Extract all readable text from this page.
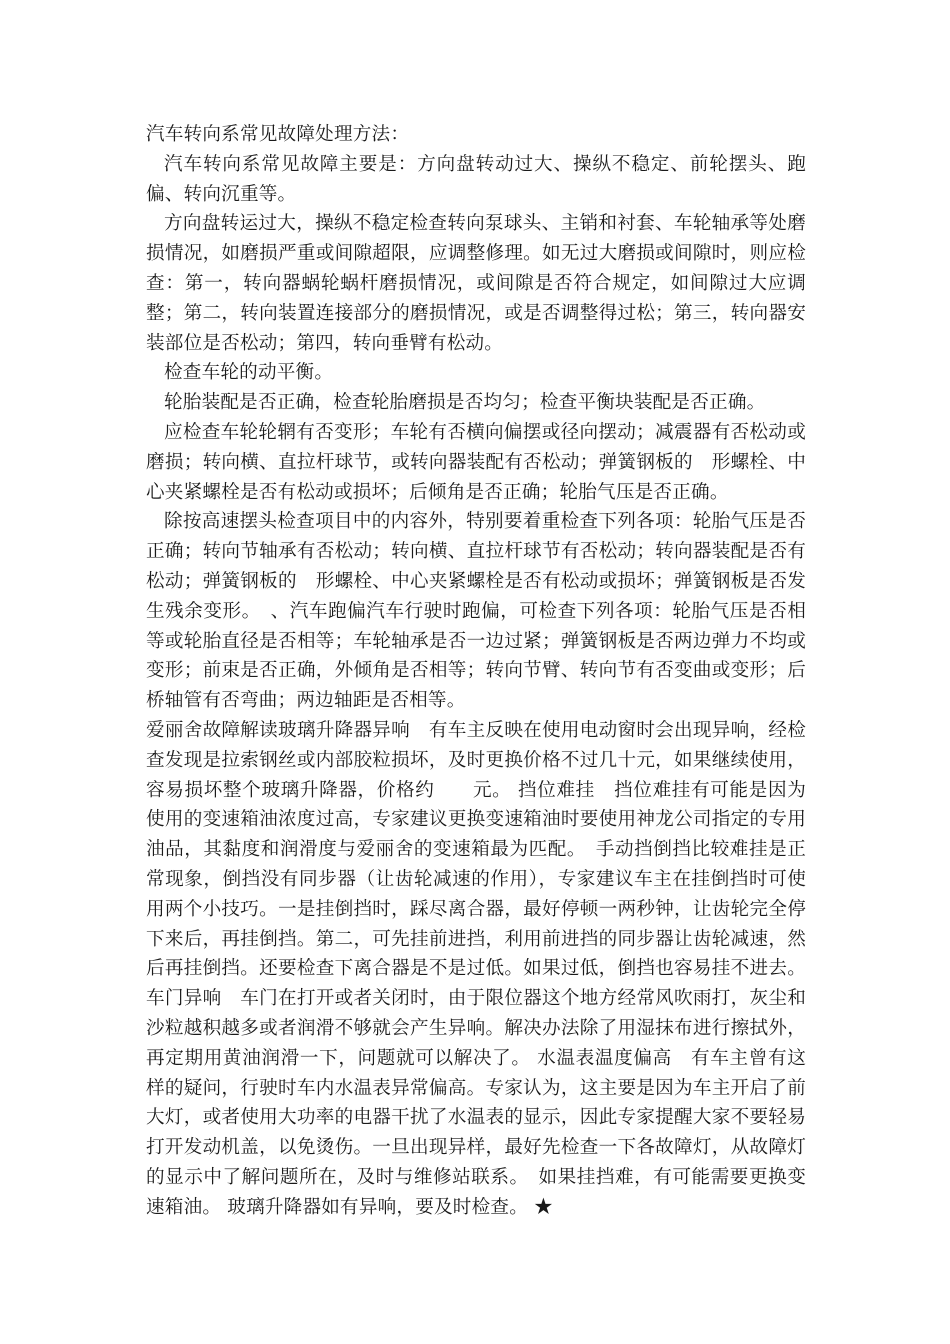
汽车转向系常见故障处理方法：

汽车转向系常见故障主要是：方向盘转动过大、操纵不稳定、前轮摆头、跑偏、转向沉重等。

方向盘转运过大，操纵不稳定检查转向泵球头、主销和衬套、车轮轴承等处磨损情况，如磨损严重或间隙超限，应调整修理。如无过大磨损或间隙时，则应检查：第一，转向器蜗轮蜗杆磨损情况，或间隙是否符合规定，如间隙过大应调整；第二，转向装置连接部分的磨损情况，或是否调整得过松；第三，转向器安装部位是否松动；第四，转向垂臂有松动。

检查车轮的动平衡。

轮胎装配是否正确，检查轮胎磨损是否均匀；检查平衡块装配是否正确。

应检查车轮轮辋有否变形；车轮有否横向偏摆或径向摆动；减震器有否松动或磨损；转向横、直拉杆球节，或转向器装配有否松动；弹簧钢板的　形螺栓、中心夹紧螺栓是否有松动或损坏；后倾角是否正确；轮胎气压是否正确。

除按高速摆头检查项目中的内容外，特别要着重检查下列各项：轮胎气压是否正确；转向节轴承有否松动；转向横、直拉杆球节有否松动；转向器装配是否有松动；弹簧钢板的　形螺栓、中心夹紧螺栓是否有松动或损坏；弹簧钢板是否发生残余变形。　、汽车跑偏汽车行驶时跑偏，可检查下列各项：轮胎气压是否相等或轮胎直径是否相等；车轮轴承是否一边过紧；弹簧钢板是否两边弹力不均或变形；前束是否正确，外倾角是否相等；转向节臂、转向节有否变曲或变形；后桥轴管有否弯曲；两边轴距是否相等。

爱丽舍故障解读玻璃升降器异响　有车主反映在使用电动窗时会出现异响，经检查发现是拉索钢丝或内部胶粒损坏，及时更换价格不过几十元，如果继续使用，容易损坏整个玻璃升降器，价格约　　元。 挡位难挂　挡位难挂有可能是因为使用的变速箱油浓度过高，专家建议更换变速箱油时要使用神龙公司指定的专用油品，其黏度和润滑度与爱丽舍的变速箱最为匹配。　手动挡倒挡比较难挂是正常现象，倒挡没有同步器（让齿轮减速的作用），专家建议车主在挂倒挡时可使用两个小技巧。一是挂倒挡时，踩尽离合器，最好停顿一两秒钟，让齿轮完全停下来后，再挂倒挡。第二，可先挂前进挡，利用前进挡的同步器让齿轮减速，然后再挂倒挡。还要检查下离合器是不是过低。如果过低，倒挡也容易挂不进去。 车门异响　车门在打开或者关闭时，由于限位器这个地方经常风吹雨打，灰尘和沙粒越积越多或者润滑不够就会产生异响。解决办法除了用湿抹布进行擦拭外，再定期用黄油润滑一下，问题就可以解决了。 水温表温度偏高　有车主曾有这样的疑问，行驶时车内水温表异常偏高。专家认为，这主要是因为车主开启了前大灯，或者使用大功率的电器干扰了水温表的显示，因此专家提醒大家不要轻易打开发动机盖，以免烫伤。一旦出现异样，最好先检查一下各故障灯，从故障灯的显示中了解问题所在，及时与维修站联系。　如果挂挡难，有可能需要更换变速箱油。 玻璃升降器如有异响，要及时检查。 ★
